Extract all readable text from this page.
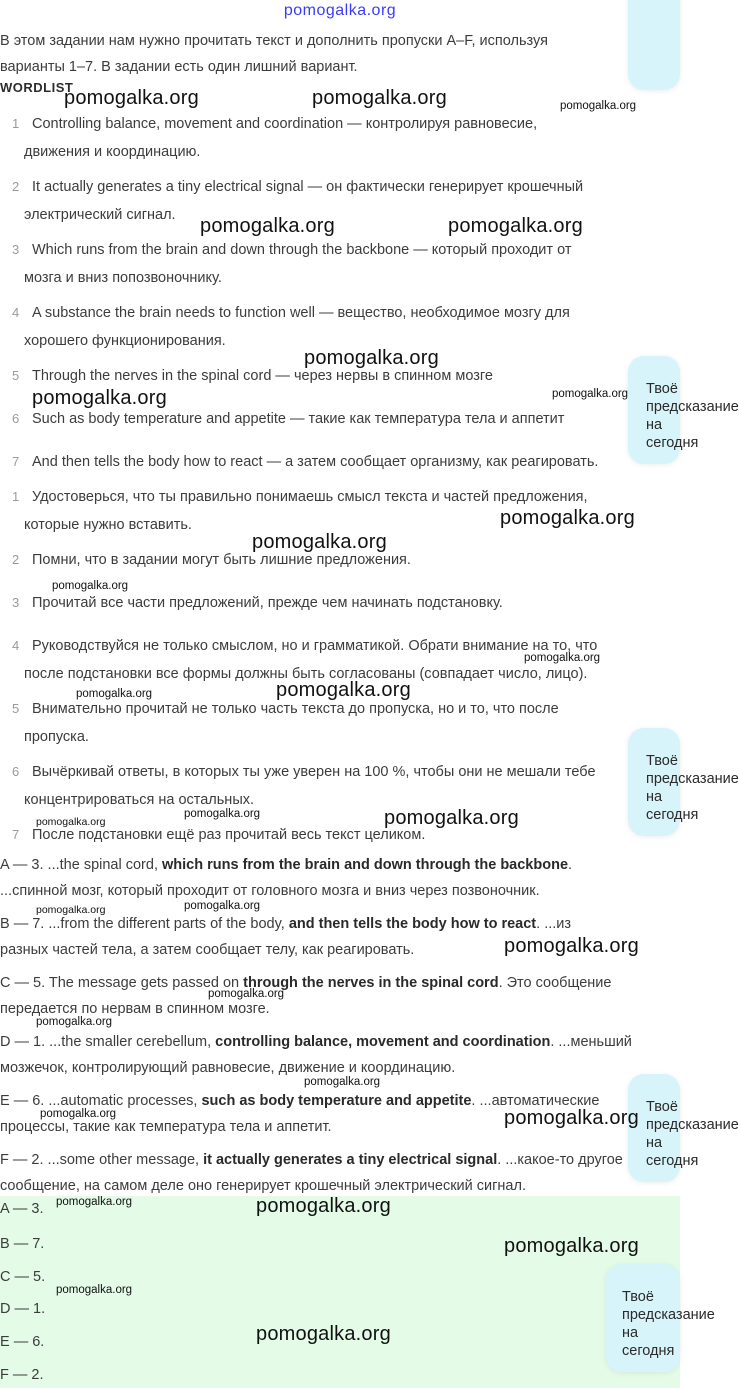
pomogalka.org
В этом задании нам нужно прочитать текст и дополнить пропуски A–F, используя
варианты 1–7. В задании есть один лишний вариант.
WORDLIST
1 Controlling balance, movement and coordination — контролируя равновесие,
движения и координацию.
2 It actually generates a tiny electrical signal — он фактически генерирует крошечный
электрический сигнал.
3 Which runs from the brain and down through the backbone — который проходит от
мозга и вниз попозвоночнику.
4 A substance the brain needs to function well — вещество, необходимое мозгу для
хорошего функционирования.
5 Through the nerves in the spinal cord — через нервы в спинном мозге
6 Such as body temperature and appetite — такие как температура тела и аппетит
7 And then tells the body how to react — а затем сообщает организму, как реагировать.
1 Удостоверься, что ты правильно понимаешь смысл текста и частей предложения,
которые нужно вставить.
2 Помни, что в задании могут быть лишние предложения.
3 Прочитай все части предложений, прежде чем начинать подстановку.
4 Руководствуйся не только смыслом, но и грамматикой. Обрати внимание на то, что
после подстановки все формы должны быть согласованы (совпадает число, лицо).
5 Внимательно прочитай не только часть текста до пропуска, но и то, что после
пропуска.
6 Вычёркивай ответы, в которых ты уже уверен на 100 %, чтобы они не мешали тебе
концентрироваться на остальных.
7 После подстановки ещё раз прочитай весь текст целиком.
A — 3. ...the spinal cord, which runs from the brain and down through the backbone.
...спинной мозг, который проходит от головного мозга и вниз через позвоночник.
B — 7. ...from the different parts of the body, and then tells the body how to react. ...из
разных частей тела, а затем сообщает телу, как реагировать.
C — 5. The message gets passed on through the nerves in the spinal cord. Это сообщение
передается по нервам в спинном мозге.
D — 1. ...the smaller cerebellum, controlling balance, movement and coordination. ...меньший
мозжечок, контролирующий равновесие, движение и координацию.
E — 6. ...automatic processes, such as body temperature and appetite. ...автоматические
процессы, такие как температура тела и аппетит.
F — 2. ...some other message, it actually generates a tiny electrical signal. ...какое-то другое
сообщение, на самом деле оно генерирует крошечный электрический сигнал.
A — 3.
B — 7.
C — 5.
D — 1.
E — 6.
F — 2.
Твоё
предсказание
на сегодня
Твоё
предсказание
на сегодня
Твоё
предсказание
на сегодня
Твоё
предсказание
на сегодня
pomogalka.org	pomogalka.org	pomogalka.org
pomogalka.org	pomogalka.org
pomogalka.org
pomogalka.org	pomogalka.org
pomogalka.org
pomogalka.org
pomogalka.org
pomogalka.org
pomogalka.org
pomogalka.org
pomogalka.org	pomogalka.org
pomogalka.org
pomogalka.org
pomogalka.org
pomogalka.org
pomogalka.org
pomogalka.org
pomogalka.org
pomogalka.org	pomogalka.org
pomogalka.org	pomogalka.org
pomogalka.org
pomogalka.org
pomogalka.org
